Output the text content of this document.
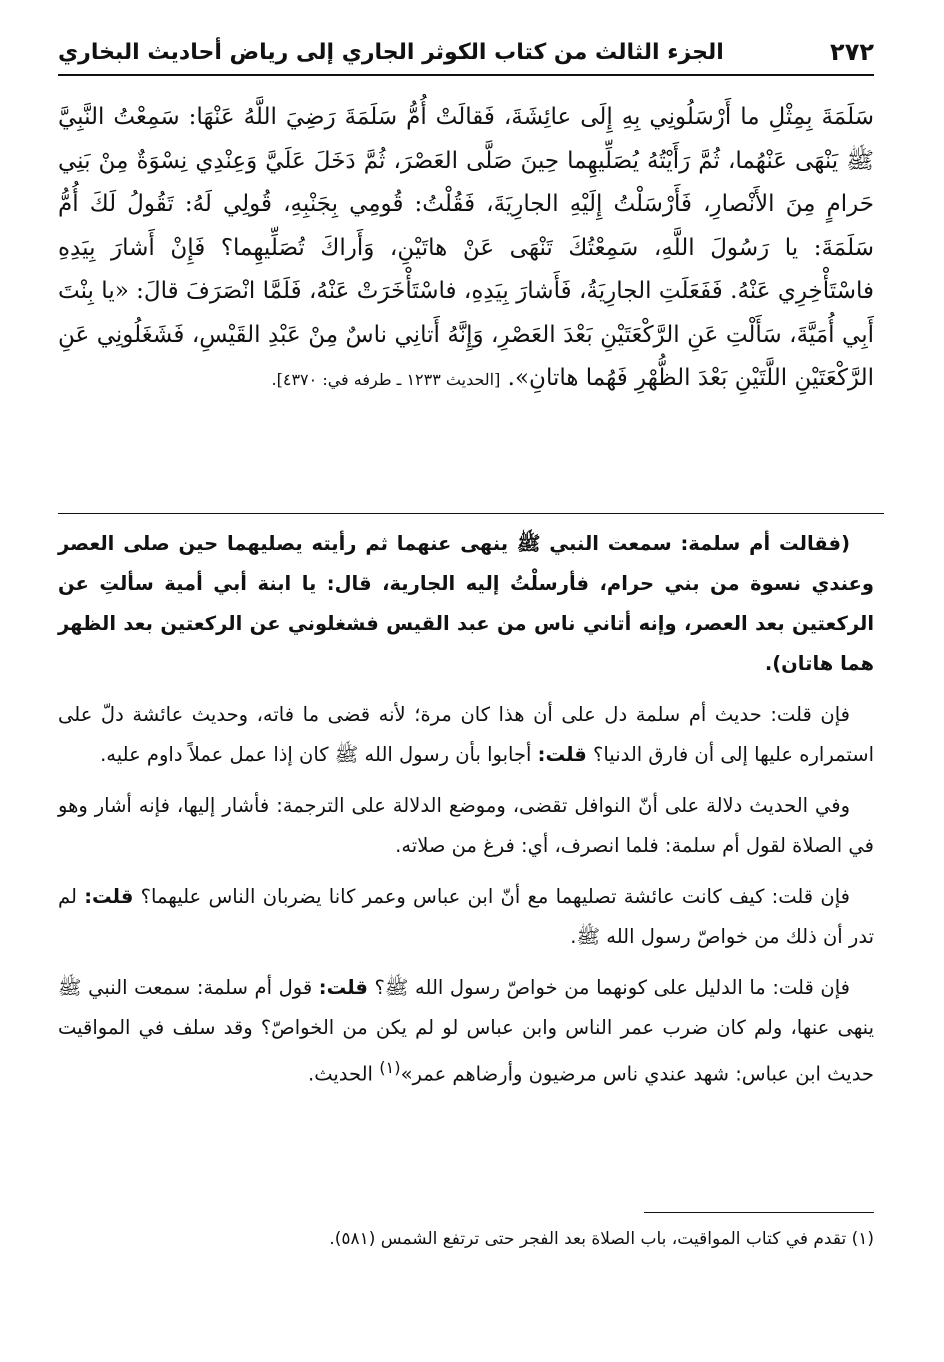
٢٧٢
الجزء الثالث من كتاب الكوثر الجاري إلى رياض أحاديث البخاري
سَلَمَةَ بِمِثْلِ ما أَرْسَلُونِي بِهِ إِلَى عائِشَةَ، فَقالَتْ أُمُّ سَلَمَةَ رَضِيَ اللَّهُ عَنْهَا: سَمِعْتُ النَّبِيَّ ﷺ يَنْهَى عَنْهُما، ثُمَّ رَأَيْتُهُ يُصَلِّيهِما حِينَ صَلَّى العَصْرَ، ثُمَّ دَخَلَ عَلَيَّ وَعِنْدِي نِسْوَةٌ مِنْ بَنِي حَرامٍ مِنَ الأَنْصارِ، فَأَرْسَلْتُ إِلَيْهِ الجارِيَةَ، فَقُلْتُ: قُومِي بِجَنْبِهِ، قُولِي لَهُ: تَقُولُ لَكَ أُمُّ سَلَمَةَ: يا رَسُولَ اللَّهِ، سَمِعْتُكَ تَنْهَى عَنْ هاتَيْنِ، وَأَراكَ تُصَلِّيهِما؟ فَإِنْ أَشارَ بِيَدِهِ فاسْتَأْخِرِي عَنْهُ. فَفَعَلَتِ الجارِيَةُ، فَأَشارَ بِيَدِهِ، فاسْتَأْخَرَتْ عَنْهُ، فَلَمَّا انْصَرَفَ قالَ: «يا بِنْتَ أَبِي أُمَيَّةَ، سَأَلْتِ عَنِ الرَّكْعَتَيْنِ بَعْدَ العَصْرِ، وَإِنَّهُ أَتانِي ناسٌ مِنْ عَبْدِ القَيْسِ، فَشَغَلُونِي عَنِ الرَّكْعَتَيْنِ اللَّتَيْنِ بَعْدَ الظُّهْرِ فَهُما هاتانِ». [الحديث ١٢٣٣ ـ طرفه في: ٤٣٧٠].

(فقالت أم سلمة: سمعت النبي ﷺ ينهى عنهما ثم رأيته يصليهما حين صلى العصر وعندي نسوة من بني حرام، فأرسلْتُ إليه الجارية، قال: يا ابنة أبي أمية سألتِ عن الركعتين بعد العصر، وإنه أتاني ناس من عبد القيس فشغلوني عن الركعتين بعد الظهر هما هاتان).

فإن قلت: حديث أم سلمة دل على أن هذا كان مرة؛ لأنه قضى ما فاته، وحديث عائشة دلّ على استمراره عليها إلى أن فارق الدنيا؟ قلت: أجابوا بأن رسول الله ﷺ كان إذا عمل عملاً داوم عليه.

وفي الحديث دلالة على أنّ النوافل تقضى، وموضع الدلالة على الترجمة: فأشار إليها، فإنه أشار وهو في الصلاة لقول أم سلمة: فلما انصرف، أي: فرغ من صلاته.

فإن قلت: كيف كانت عائشة تصليهما مع أنّ ابن عباس وعمر كانا يضربان الناس عليهما؟ قلت: لم تدر أن ذلك من خواصّ رسول الله ﷺ.

فإن قلت: ما الدليل على كونهما من خواصّ رسول الله ﷺ؟ قلت: قول أم سلمة: سمعت النبي ﷺ ينهى عنها، ولم كان ضرب عمر الناس وابن عباس لو لم يكن من الخواصّ؟ وقد سلف في المواقيت حديث ابن عباس: شهد عندي ناس مرضيون وأرضاهم عمر»$^{(١)}$ الحديث.

(١) تقدم في كتاب المواقيت، باب الصلاة بعد الفجر حتى ترتفع الشمس (٥٨١).
